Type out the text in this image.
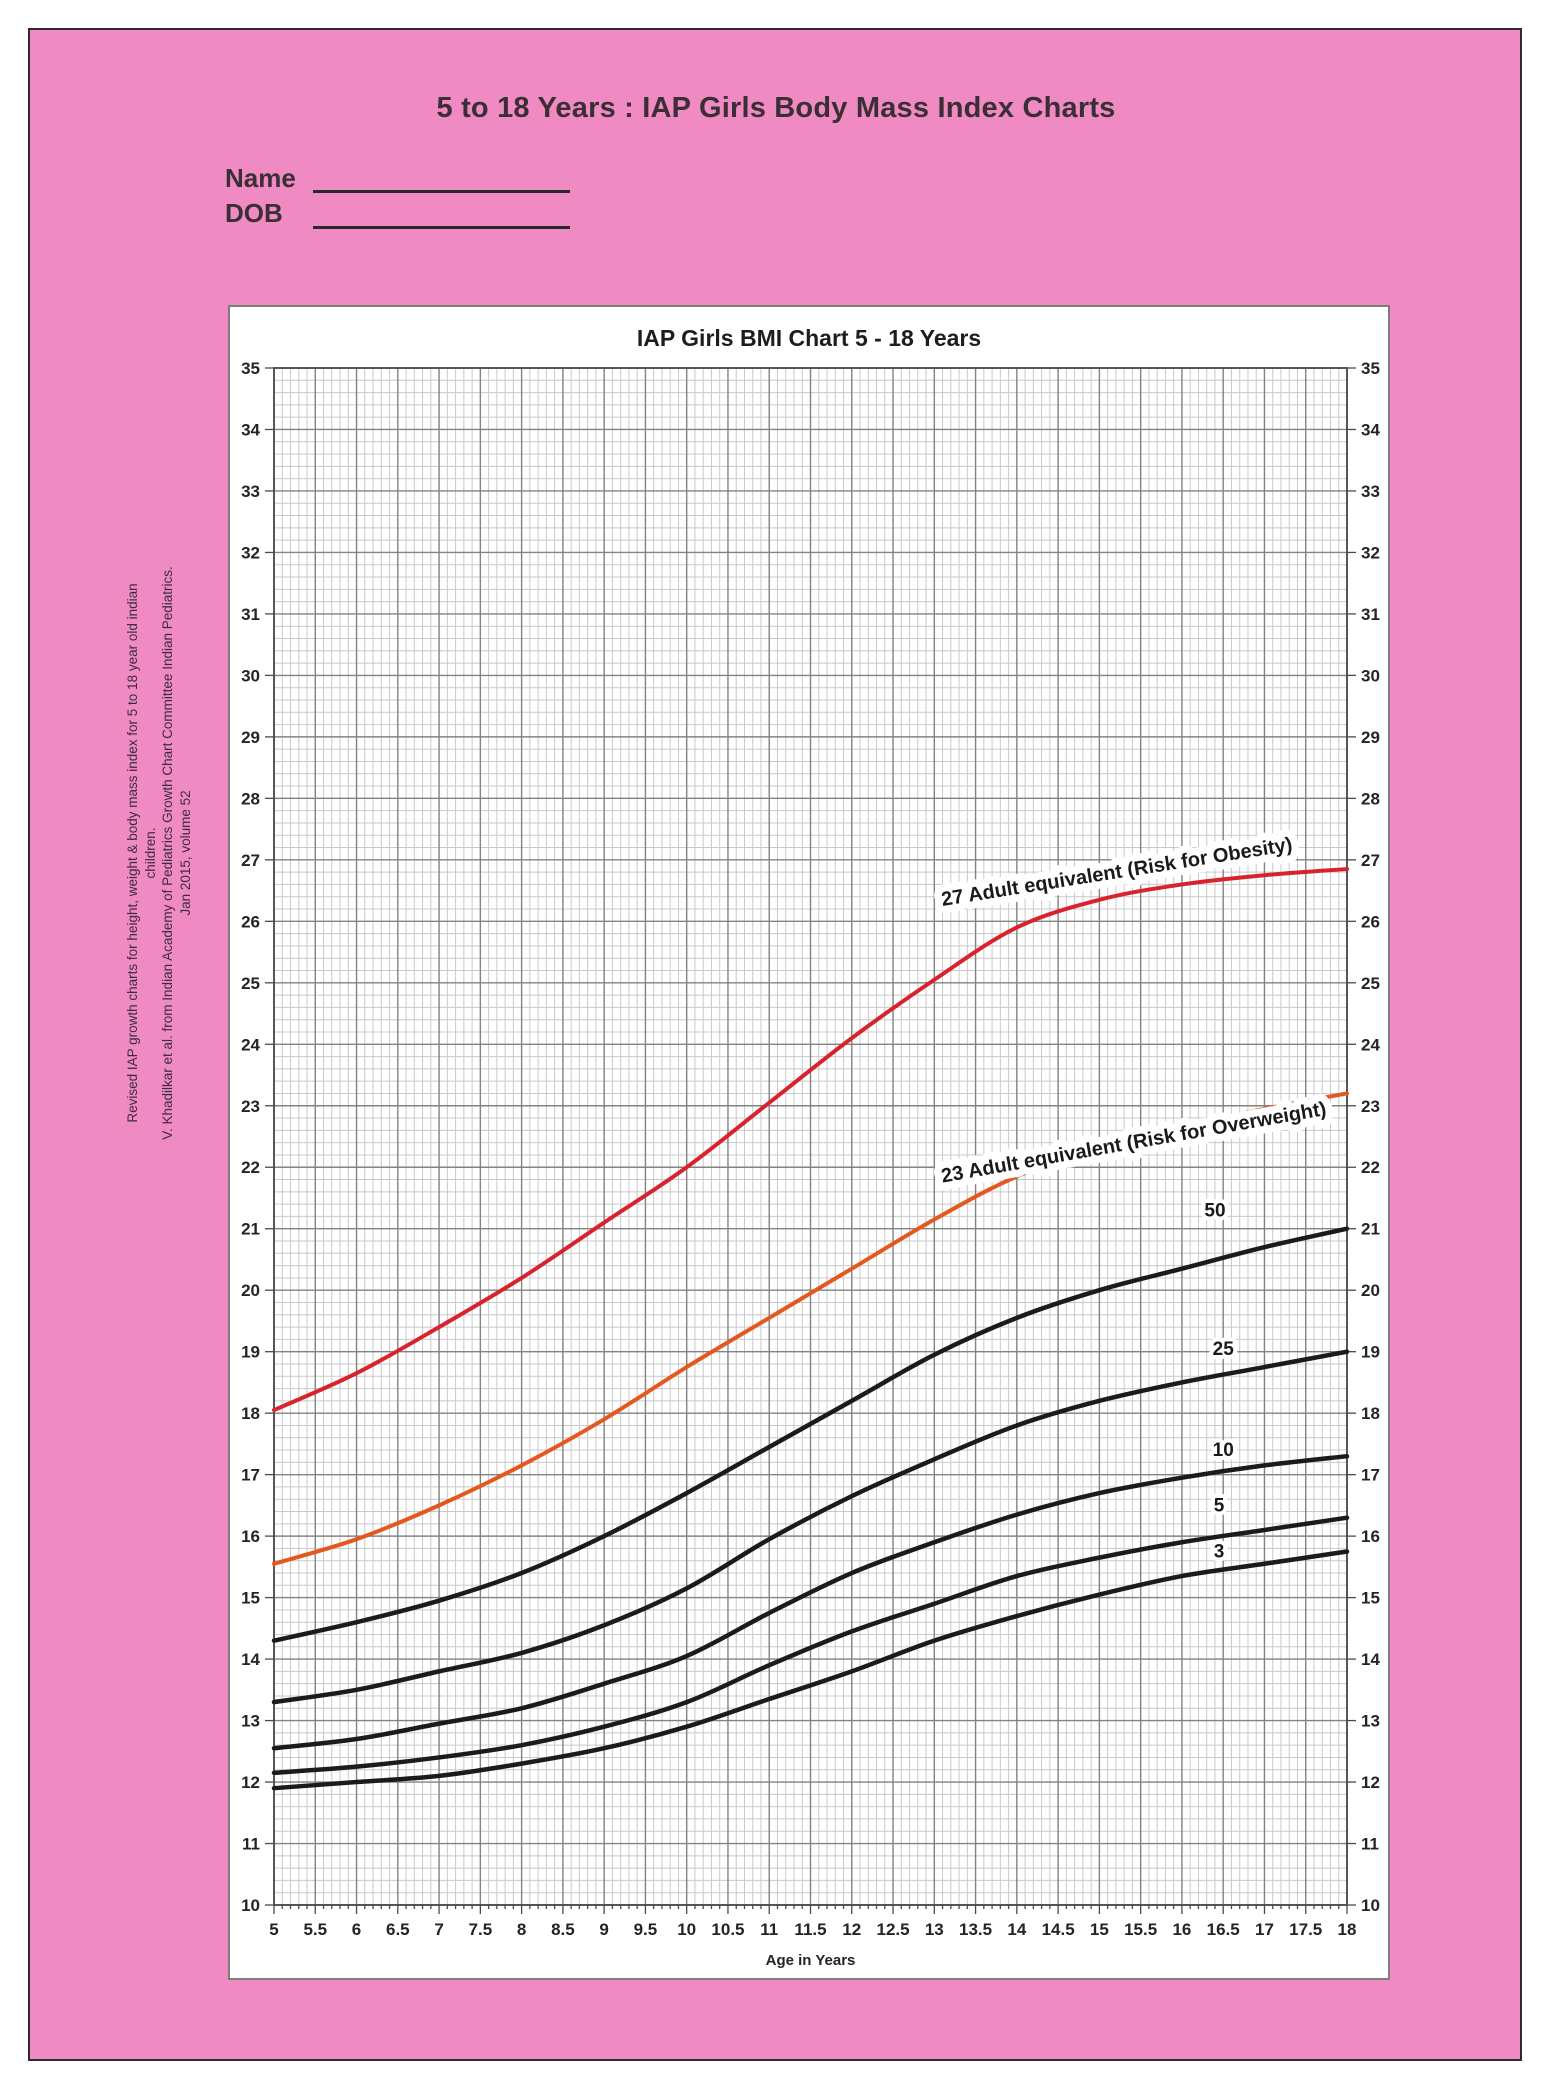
5 to 18 Years : IAP Girls Body Mass Index Charts
Name
DOB
Revised IAP growth charts for height, weight & body mass index for 5 to 18 year old indian children. V. Khadilkar et al. from Indian Academy of Pediatrics Growth Chart Committee Indian Pediatrics. Jan 2015, volume 52
IAP Girls BMI Chart 5 - 18 Years
5 5.5 6 6.5 7 7.5 8 8.5 9 9.5 10 10.5 11 11.5 12 12.5 13 13.5 14 14.5 15 15.5 16 16.5 17 17.5 18
10	10
11	11
12	12
13	13
14	14
15	15
16	16
17	17
18	18
19	19
20	20
21	21
22	22
23	23
24	24
25	25
26	26
27	27
28	28
29	29
30	30
31	31
32	32
33	33
34	34
35	35
Age in Years
3
5
10
25
50
23 Adult equivalent (Risk for Overweight)
27 Adult equivalent (Risk for Obesity)
